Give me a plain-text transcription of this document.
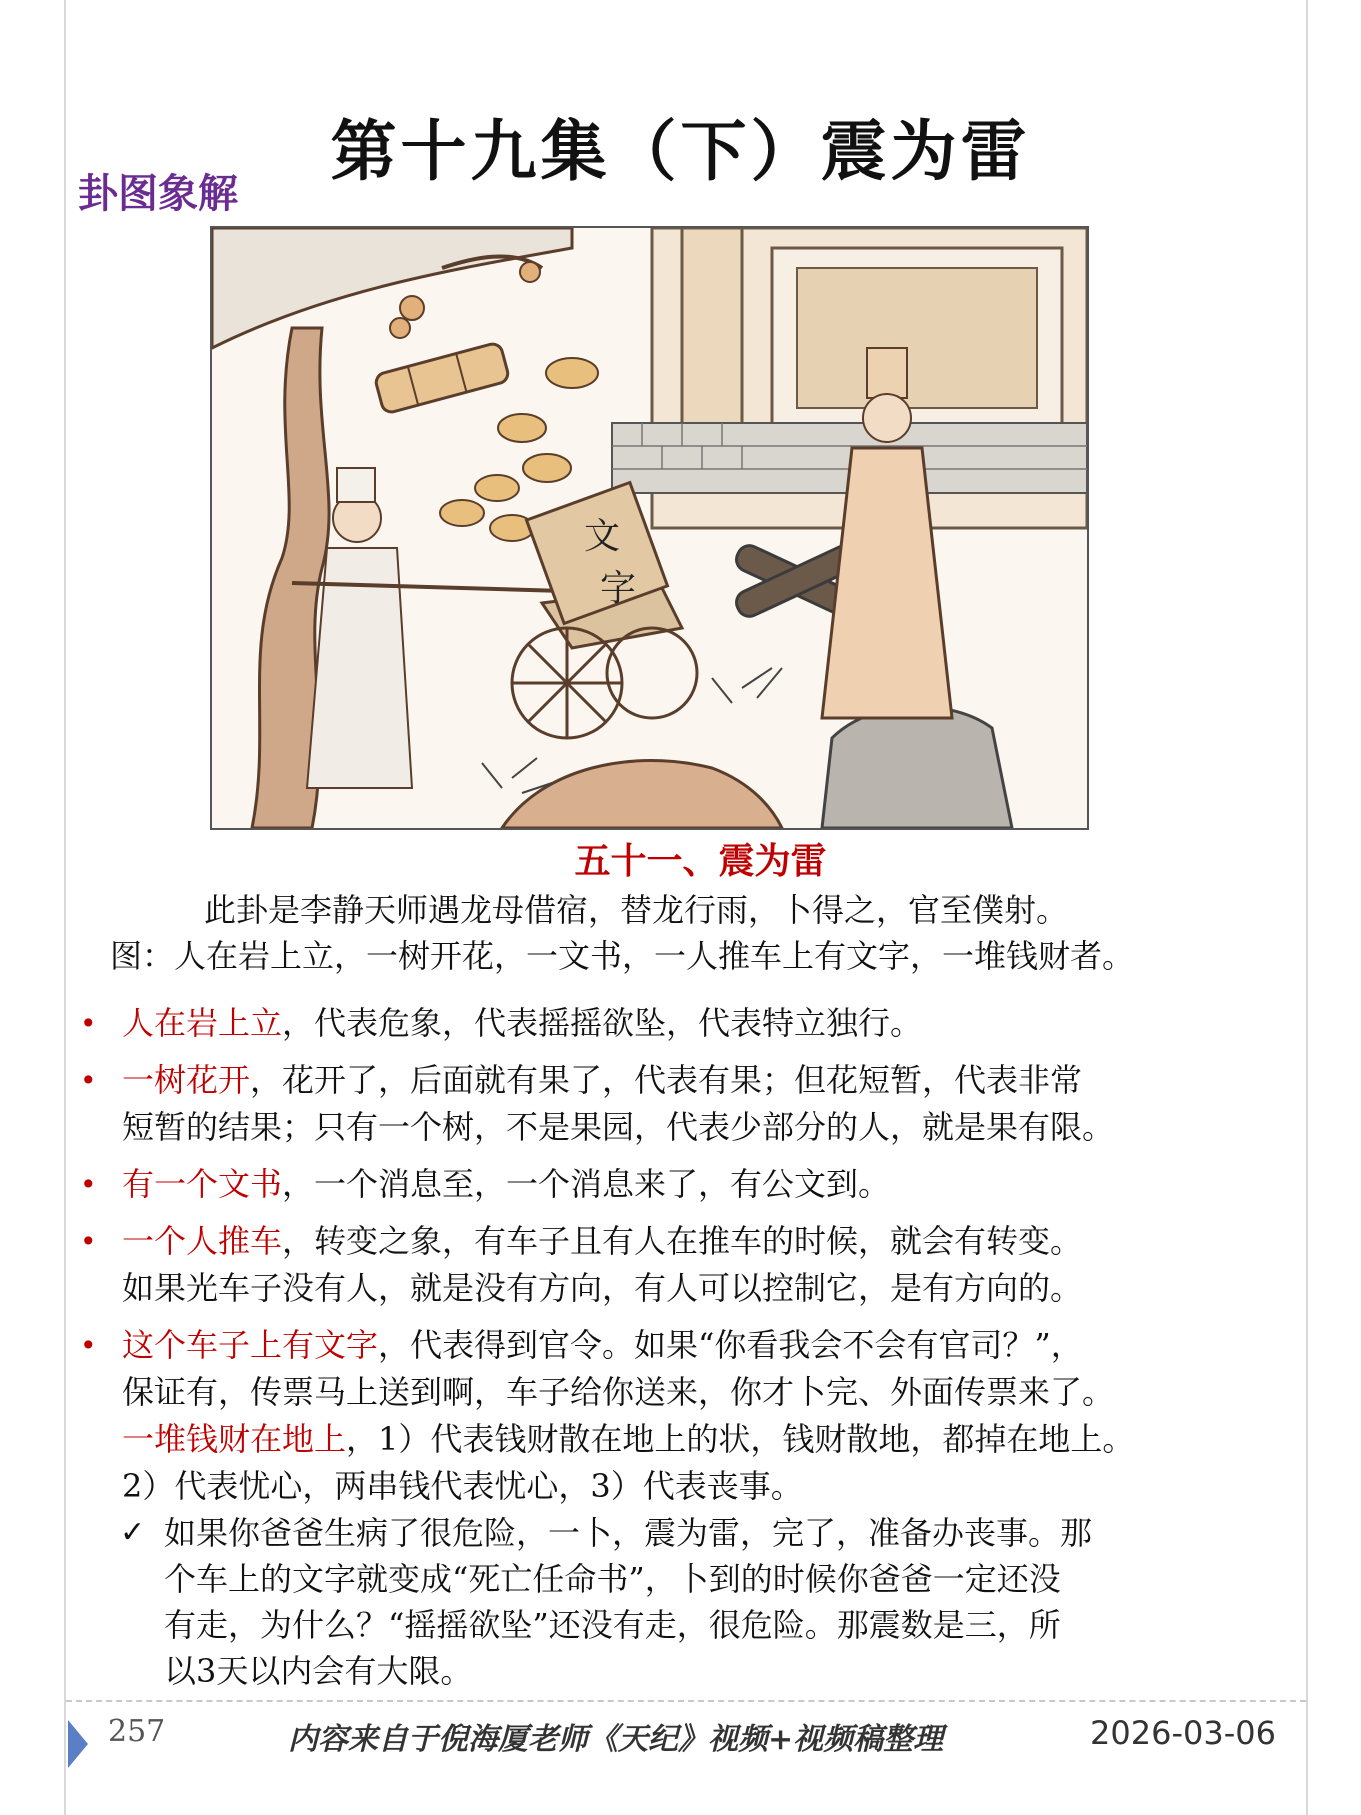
第十九集（下）震为雷
卦图象解
文
字
五十一、震为雷
此卦是李静天师遇龙母借宿，替龙行雨，卜得之，官至僕射。
图：人在岩上立，一树开花，一文书，一人推车上有文字，一堆钱财者。
• 人在岩上立，代表危象，代表摇摇欲坠，代表特立独行。
• 一树花开，花开了，后面就有果了，代表有果；但花短暂，代表非常
短暂的结果；只有一个树，不是果园，代表少部分的人，就是果有限。
• 有一个文书，一个消息至，一个消息来了，有公文到。
• 一个人推车，转变之象，有车子且有人在推车的时候，就会有转变。
如果光车子没有人，就是没有方向，有人可以控制它，是有方向的。
• 这个车子上有文字，代表得到官令。如果“你看我会不会有官司？”，
保证有，传票马上送到啊，车子给你送来，你才卜完、外面传票来了。
一堆钱财在地上，1）代表钱财散在地上的状，钱财散地，都掉在地上。
2）代表忧心，两串钱代表忧心，3）代表丧事。
✓ 如果你爸爸生病了很危险，一卜，震为雷，完了，准备办丧事。那
个车上的文字就变成“死亡任命书”，卜到的时候你爸爸一定还没
有走，为什么？“摇摇欲坠”还没有走，很危险。那震数是三，所
以3天以内会有大限。
257	内容来自于倪海厦老师《天纪》视频+视频稿整理	2026-03-06
